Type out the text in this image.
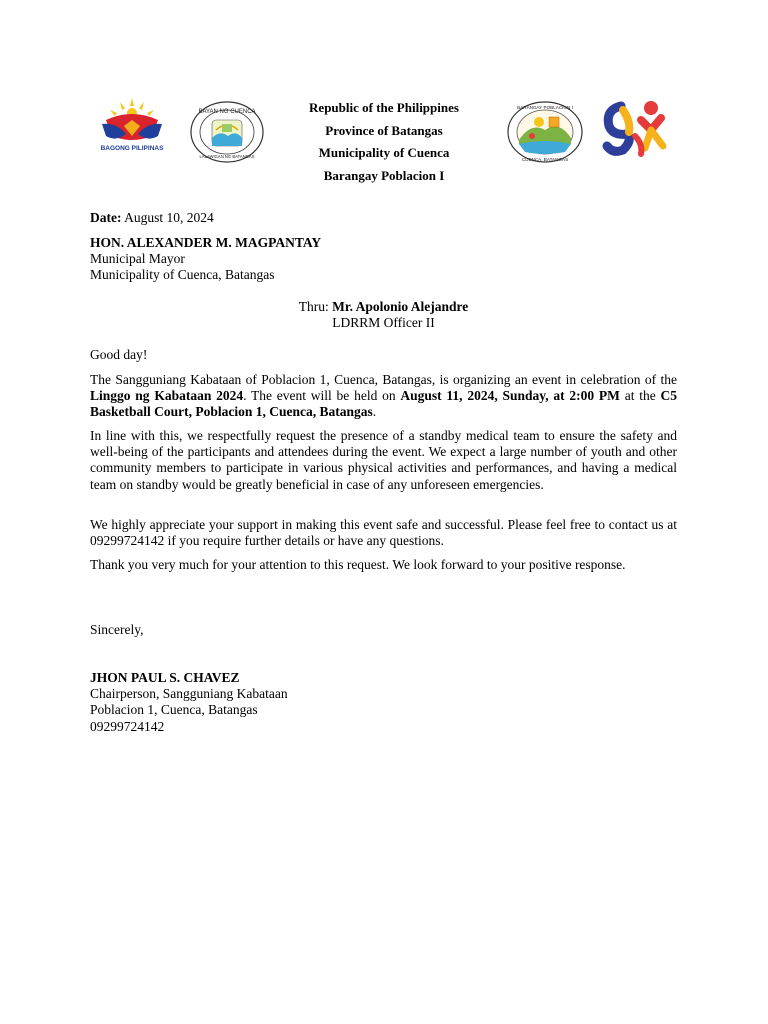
BAGONG PILIPINAS
BAYAN NG CUENCA
LALAWIGAN NG BATANGAS
Republic of the Philippines
Province of Batangas
Municipality of Cuenca
Barangay Poblacion I
BARANGAY POBLACION I
CUENCA, BATANGAS
Date: August 10, 2024
HON. ALEXANDER M. MAGPANTAY
Municipal Mayor
Municipality of Cuenca, Batangas
Thru: Mr. Apolonio Alejandre
LDRRM Officer II
Good day!

The Sangguniang Kabataan of Poblacion 1, Cuenca, Batangas, is organizing an event in celebration of the Linggo ng Kabataan 2024. The event will be held on August 11, 2024, Sunday, at 2:00 PM at the C5 Basketball Court, Poblacion 1, Cuenca, Batangas.

In line with this, we respectfully request the presence of a standby medical team to ensure the safety and well-being of the participants and attendees during the event. We expect a large number of youth and other community members to participate in various physical activities and performances, and having a medical team on standby would be greatly beneficial in case of any unforeseen emergencies.

We highly appreciate your support in making this event safe and successful. Please feel free to contact us at 09299724142 if you require further details or have any questions.

Thank you very much for your attention to this request. We look forward to your positive response.

Sincerely,
JHON PAUL S. CHAVEZ
Chairperson, Sangguniang Kabataan
Poblacion 1, Cuenca, Batangas
09299724142
